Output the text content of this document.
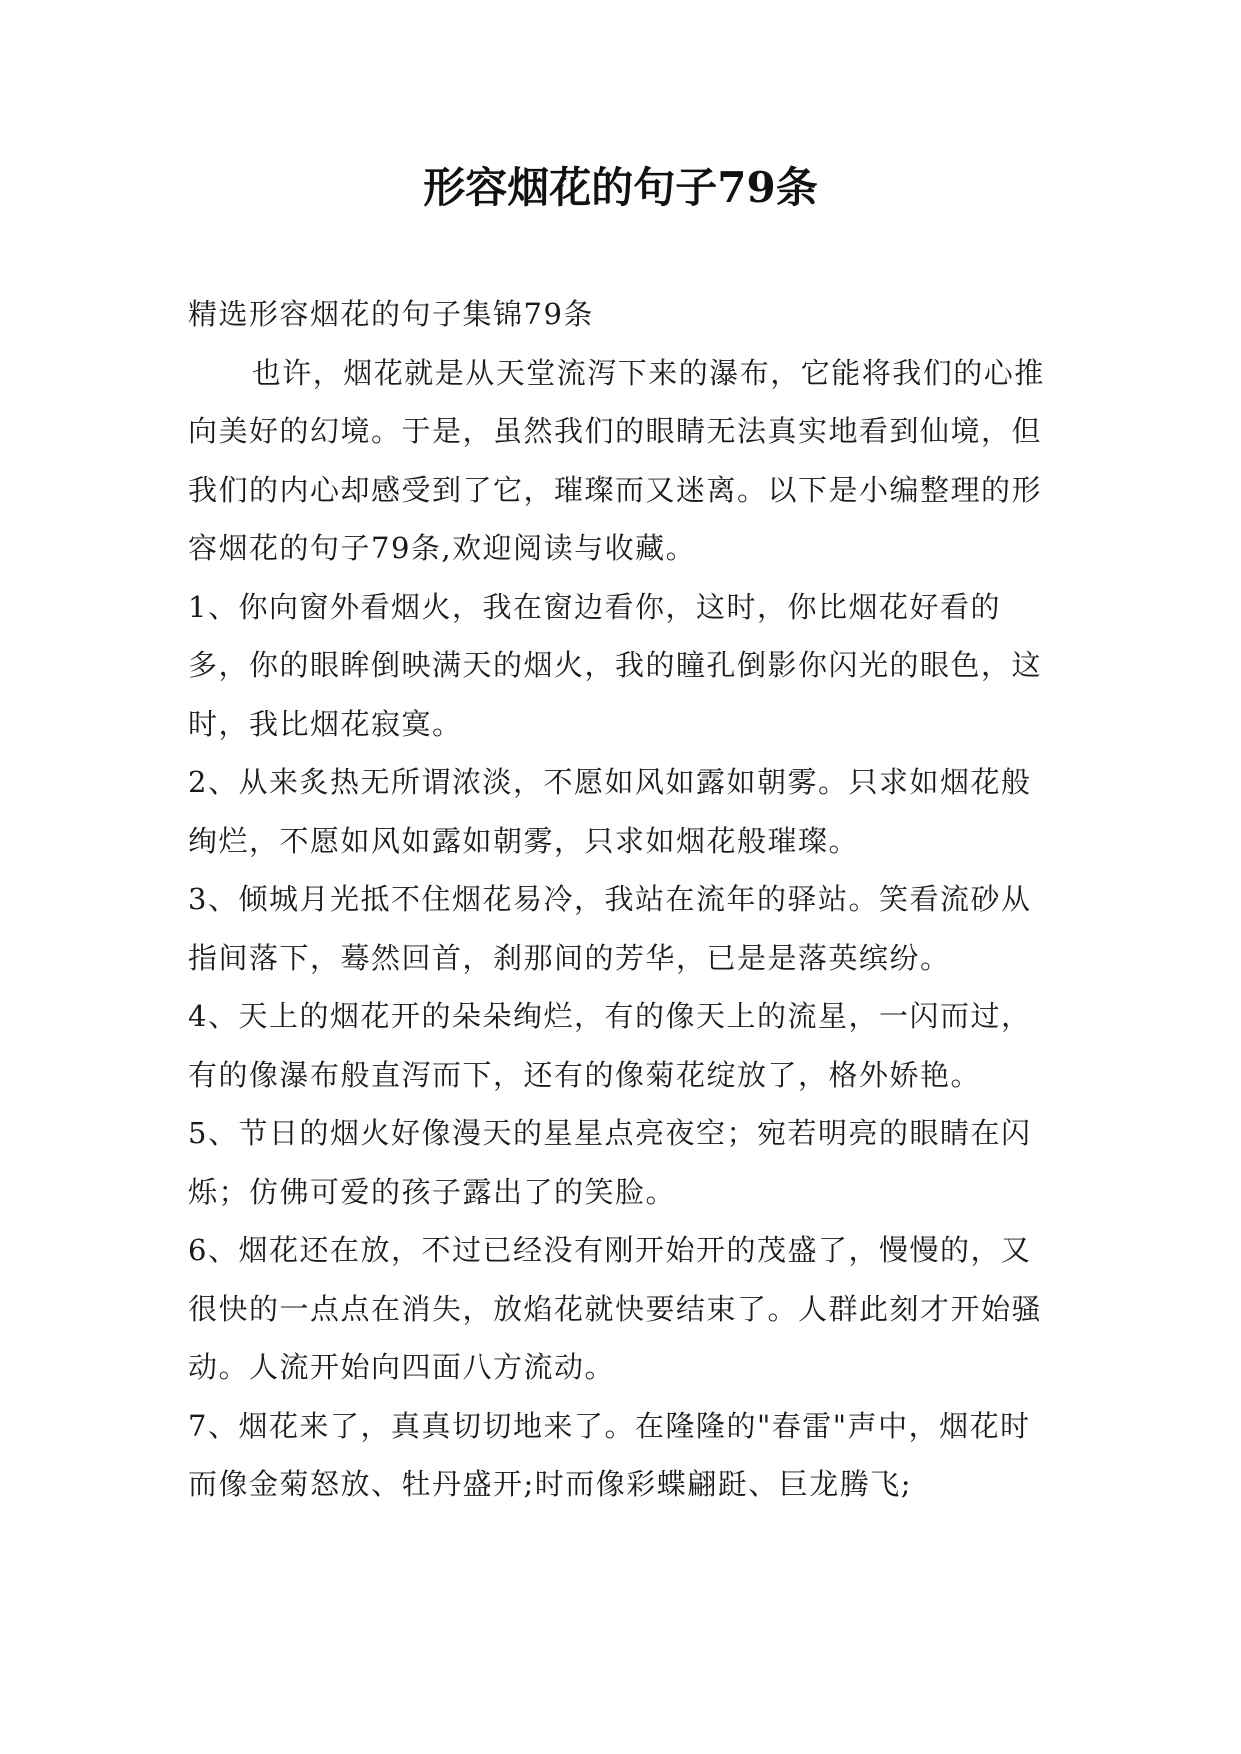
形容烟花的句子79条

精选形容烟花的句子集锦79条

也许，烟花就是从天堂流泻下来的瀑布，它能将我们的心推向美好的幻境。于是，虽然我们的眼睛无法真实地看到仙境，但我们的内心却感受到了它，璀璨而又迷离。以下是小编整理的形容烟花的句子79条,欢迎阅读与收藏。

1、你向窗外看烟火，我在窗边看你，这时，你比烟花好看的多，你的眼眸倒映满天的烟火，我的瞳孔倒影你闪光的眼色，这时，我比烟花寂寞。

2、从来炙热无所谓浓淡，不愿如风如露如朝雾。只求如烟花般绚烂，不愿如风如露如朝雾，只求如烟花般璀璨。

3、倾城月光抵不住烟花易冷，我站在流年的驿站。笑看流砂从指间落下，蓦然回首，刹那间的芳华，已是是落英缤纷。

4、天上的烟花开的朵朵绚烂，有的像天上的流星，一闪而过，有的像瀑布般直泻而下，还有的像菊花绽放了，格外娇艳。

5、节日的烟火好像漫天的星星点亮夜空；宛若明亮的眼睛在闪烁；仿佛可爱的孩子露出了的笑脸。

6、烟花还在放，不过已经没有刚开始开的茂盛了，慢慢的，又很快的一点点在消失，放焰花就快要结束了。人群此刻才开始骚动。人流开始向四面八方流动。

7、烟花来了，真真切切地来了。在隆隆的"春雷"声中，烟花时而像金菊怒放、牡丹盛开;时而像彩蝶翩跹、巨龙腾飞;
